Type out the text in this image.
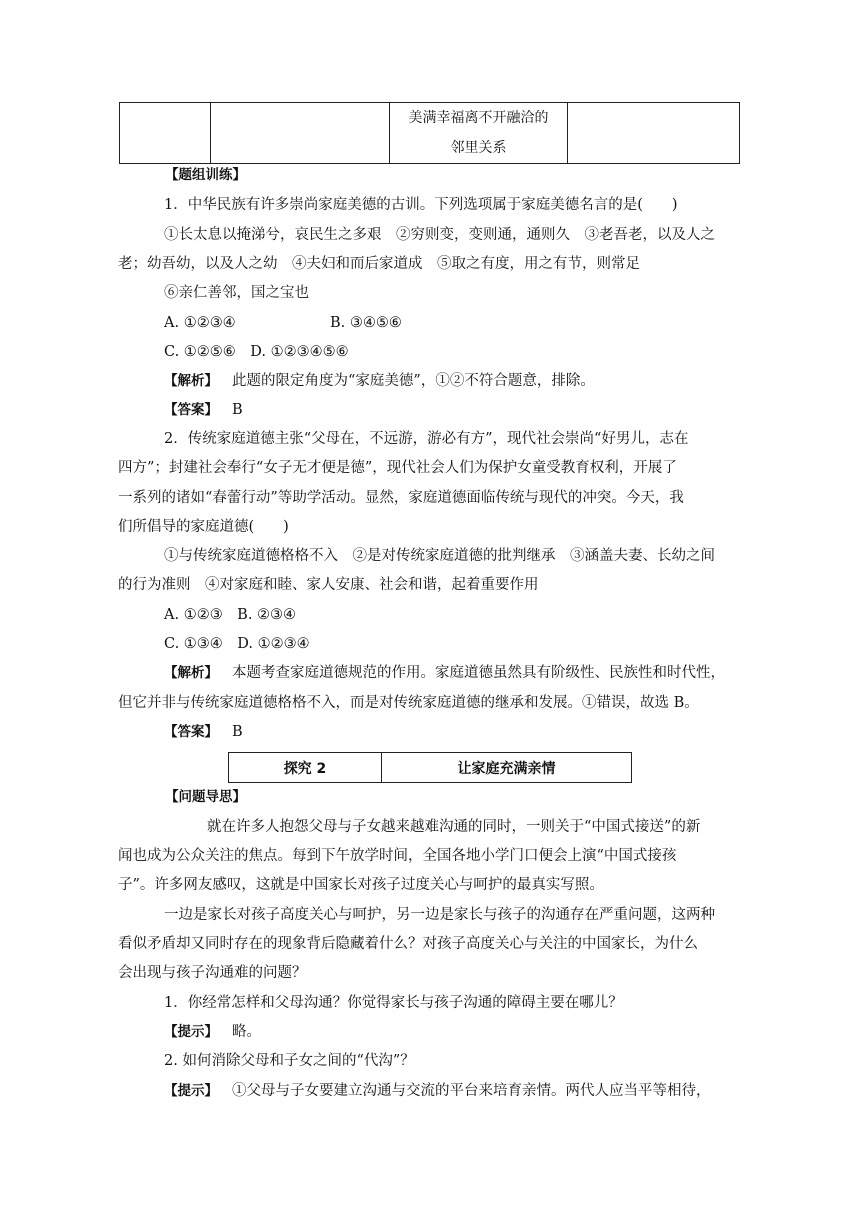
美满幸福离不开融洽的
邻里关系

【题组训练】
1．中华民族有许多崇尚家庭美德的古训。下列选项属于家庭美德名言的是(　　)
①长太息以掩涕兮，哀民生之多艰　②穷则变，变则通，通则久　③老吾老，以及人之
老；幼吾幼，以及人之幼　④夫妇和而后家道成　⑤取之有度，用之有节，则常足
⑥亲仁善邻，国之宝也
A. ①②③④	B. ③④⑤⑥
C. ①②⑤⑥　D. ①②③④⑤⑥
【解析】 此题的限定角度为“家庭美德”，①②不符合题意，排除。
【答案】 B
2．传统家庭道德主张“父母在，不远游，游必有方”，现代社会崇尚“好男儿，志在
四方”；封建社会奉行“女子无才便是德”，现代社会人们为保护女童受教育权利，开展了
一系列的诸如“春蕾行动”等助学活动。显然，家庭道德面临传统与现代的冲突。今天，我
们所倡导的家庭道德(　　)
①与传统家庭道德格格不入　②是对传统家庭道德的批判继承　③涵盖夫妻、长幼之间
的行为准则　④对家庭和睦、家人安康、社会和谐，起着重要作用
A. ①②③　B. ②③④
C. ①③④　D. ①②③④
【解析】 本题考查家庭道德规范的作用。家庭道德虽然具有阶级性、民族性和时代性，
但它并非与传统家庭道德格格不入，而是对传统家庭道德的继承和发展。①错误，故选 B。
【答案】 B
探究 2	让家庭充满亲情
【问题导思】
就在许多人抱怨父母与子女越来越难沟通的同时，一则关于“中国式接送”的新
闻也成为公众关注的焦点。每到下午放学时间，全国各地小学门口便会上演“中国式接孩
子”。许多网友感叹，这就是中国家长对孩子过度关心与呵护的最真实写照。
一边是家长对孩子高度关心与呵护，另一边是家长与孩子的沟通存在严重问题，这两种
看似矛盾却又同时存在的现象背后隐藏着什么？对孩子高度关心与关注的中国家长，为什么
会出现与孩子沟通难的问题？
1．你经常怎样和父母沟通？你觉得家长与孩子沟通的障碍主要在哪儿？
【提示】 略。
2. 如何消除父母和子女之间的“代沟”？
【提示】 ①父母与子女要建立沟通与交流的平台来培育亲情。两代人应当平等相待，
